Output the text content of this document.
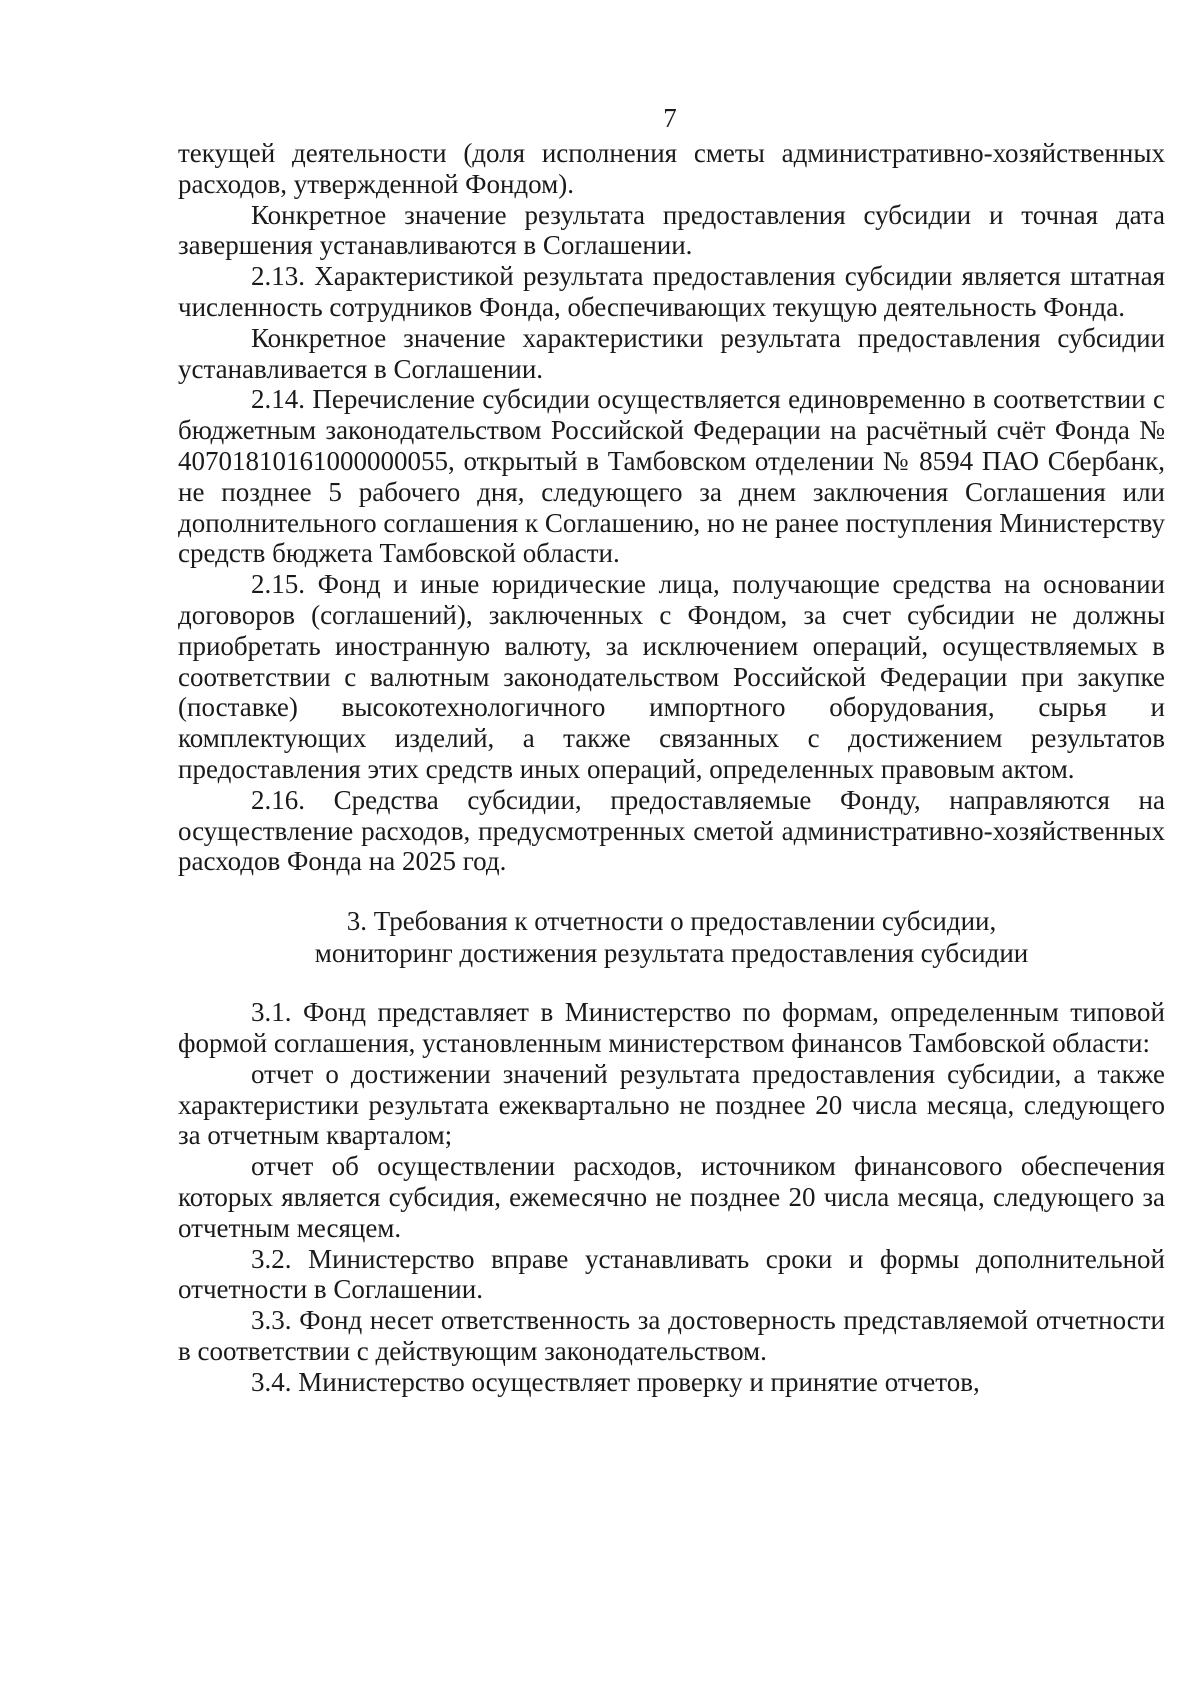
7

текущей деятельности (доля исполнения сметы административно-хозяйственных расходов, утвержденной Фондом).

Конкретное значение результата предоставления субсидии и точная дата завершения устанавливаются в Соглашении.

2.13. Характеристикой результата предоставления субсидии является штатная численность сотрудников Фонда, обеспечивающих текущую деятельность Фонда.

Конкретное значение характеристики результата предоставления субсидии устанавливается в Соглашении.

2.14. Перечисление субсидии осуществляется единовременно в соответствии с бюджетным законодательством Российской Федерации на расчётный счёт Фонда № 40701810161000000055, открытый в Тамбовском отделении № 8594 ПАО Сбербанк, не позднее 5 рабочего дня, следующего за днем заключения Соглашения или дополнительного соглашения к Соглашению, но не ранее поступления Министерству средств бюджета Тамбовской области.

2.15. Фонд и иные юридические лица, получающие средства на основании договоров (соглашений), заключенных с Фондом, за счет субсидии не должны приобретать иностранную валюту, за исключением операций, осуществляемых в соответствии с валютным законодательством Российской Федерации при закупке (поставке) высокотехнологичного импортного оборудования, сырья и комплектующих изделий, а также связанных с достижением результатов предоставления этих средств иных операций, определенных правовым актом.

2.16. Средства субсидии, предоставляемые Фонду, направляются на осуществление расходов, предусмотренных сметой административно-хозяйственных расходов Фонда на 2025 год.

3. Требования к отчетности о предоставлении субсидии,
мониторинг достижения результата предоставления субсидии

3.1. Фонд представляет в Министерство по формам, определенным типовой формой соглашения, установленным министерством финансов Тамбовской области:

отчет о достижении значений результата предоставления субсидии, а также характеристики результата ежеквартально не позднее 20 числа месяца, следующего за отчетным кварталом;

отчет об осуществлении расходов, источником финансового обеспечения которых является субсидия, ежемесячно не позднее 20 числа месяца, следующего за отчетным месяцем.

3.2. Министерство вправе устанавливать сроки и формы дополнительной отчетности в Соглашении.

3.3. Фонд несет ответственность за достоверность представляемой отчетности в соответствии с действующим законодательством.

3.4. Министерство осуществляет проверку и принятие отчетов,
